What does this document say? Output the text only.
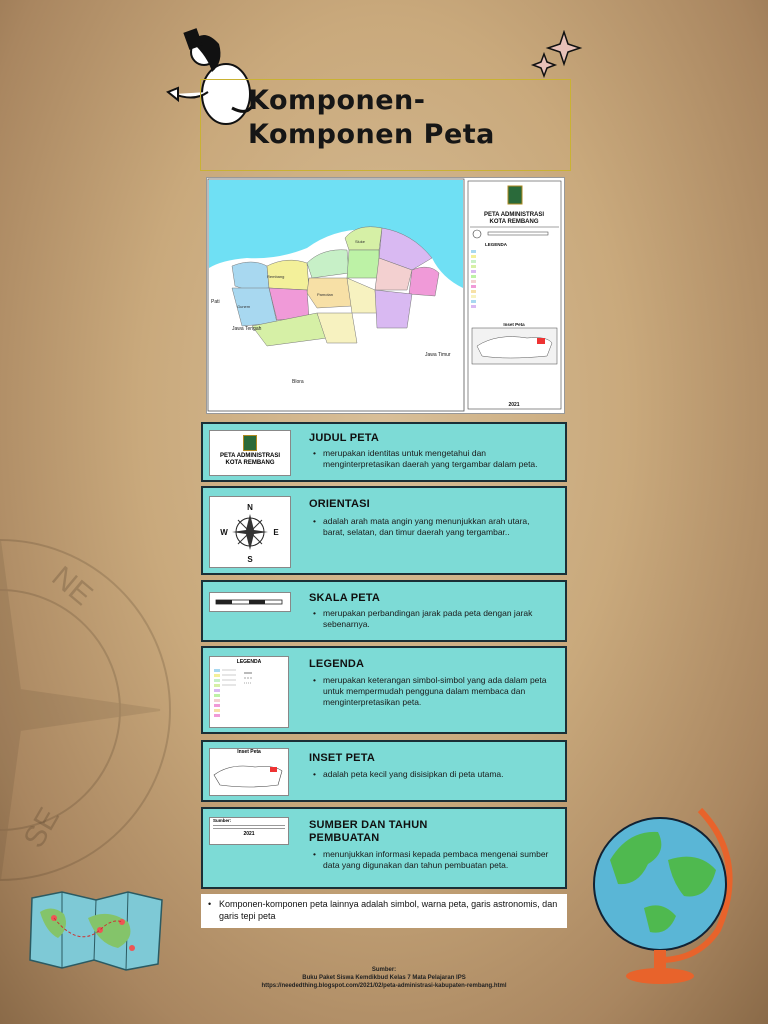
NE
SE
Komponen-
Komponen Peta
Pati
Jawa Tengah
Jawa Timur
Blora
Rembang
Sluke
Pamotan
Gunem
PETA ADMINISTRASI
KOTA REMBANG
LEGENDA
Inset Peta
2021
PETA ADMINISTRASI
KOTA REMBANG
JUDUL PETA

• merupakan identitas untuk mengetahui dan menginterpretasikan daerah yang tergambar dalam peta.

N
S
E
W
ORIENTASI

• adalah arah mata angin yang menunjukkan arah utara, barat, selatan, dan timur daerah yang tergambar..

SKALA PETA

• merupakan perbandingan jarak pada peta dengan jarak sebenarnya.

LEGENDA	LEGENDA

• merupakan keterangan simbol-simbol yang ada dalam peta untuk mempermudah pengguna dalam membaca dan menginterpretasikan peta.

Inset Peta	INSET PETA

• adalah peta kecil yang disisipkan di peta utama.

Sumber:
2021
SUMBER DAN TAHUN
PEMBUATAN

• menunjukkan informasi kepada pembaca mengenai sumber data yang digunakan dan tahun pembuatan peta.

• Komponen-komponen peta lainnya adalah simbol, warna peta, garis astronomis, dan garis tepi peta
Sumber:
Buku Paket Siswa Kemdikbud Kelas 7 Mata Pelajaran IPS
https://neededthing.blogspot.com/2021/02/peta-administrasi-kabupaten-rembang.html
